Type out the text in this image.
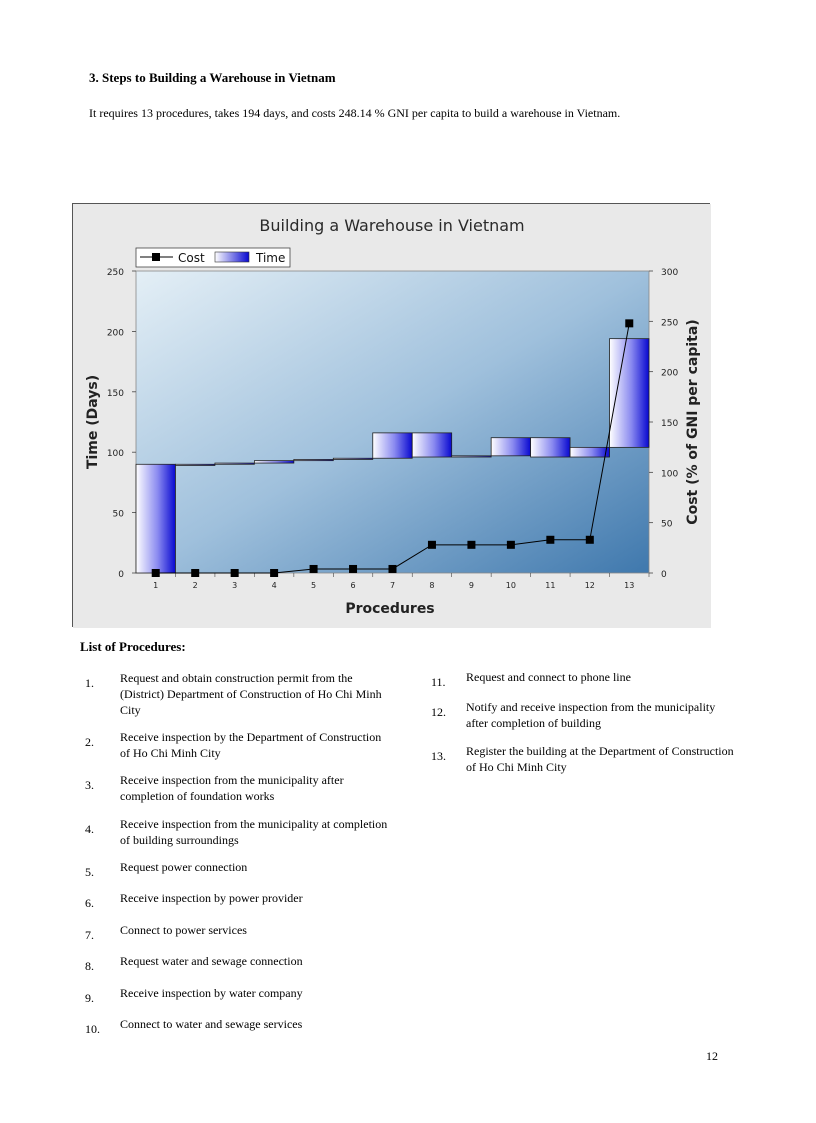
3. Steps to Building a Warehouse in Vietnam
It requires 13 procedures, takes 194 days, and costs 248.14 % GNI per capita to build a warehouse in Vietnam.
Building a Warehouse in Vietnam
Procedures
Time (Days)	Cost (% of GNI per capita)
Cost	Time
0
50
100
150
200
250
0
50
100
150
200
250
300
1	2	3	4	5	6	7	8	9	10	11	12	13
List of Procedures:
1. Request and obtain construction permit from the
(District) Department of Construction of Ho Chi Minh
City
2. Receive inspection by the Department of Construction
of Ho Chi Minh City
3. Receive inspection from the municipality after
completion of foundation works
4. Receive inspection from the municipality at completion
of building surroundings
5. Request power connection
6. Receive inspection by power provider
7. Connect to power services
8. Request water and sewage connection
9. Receive inspection by water company
10. Connect to water and sewage services
11. Request and connect to phone line
12. Notify and receive inspection from the municipality
after completion of building
13. Register the building at the Department of Construction
of Ho Chi Minh City
12
